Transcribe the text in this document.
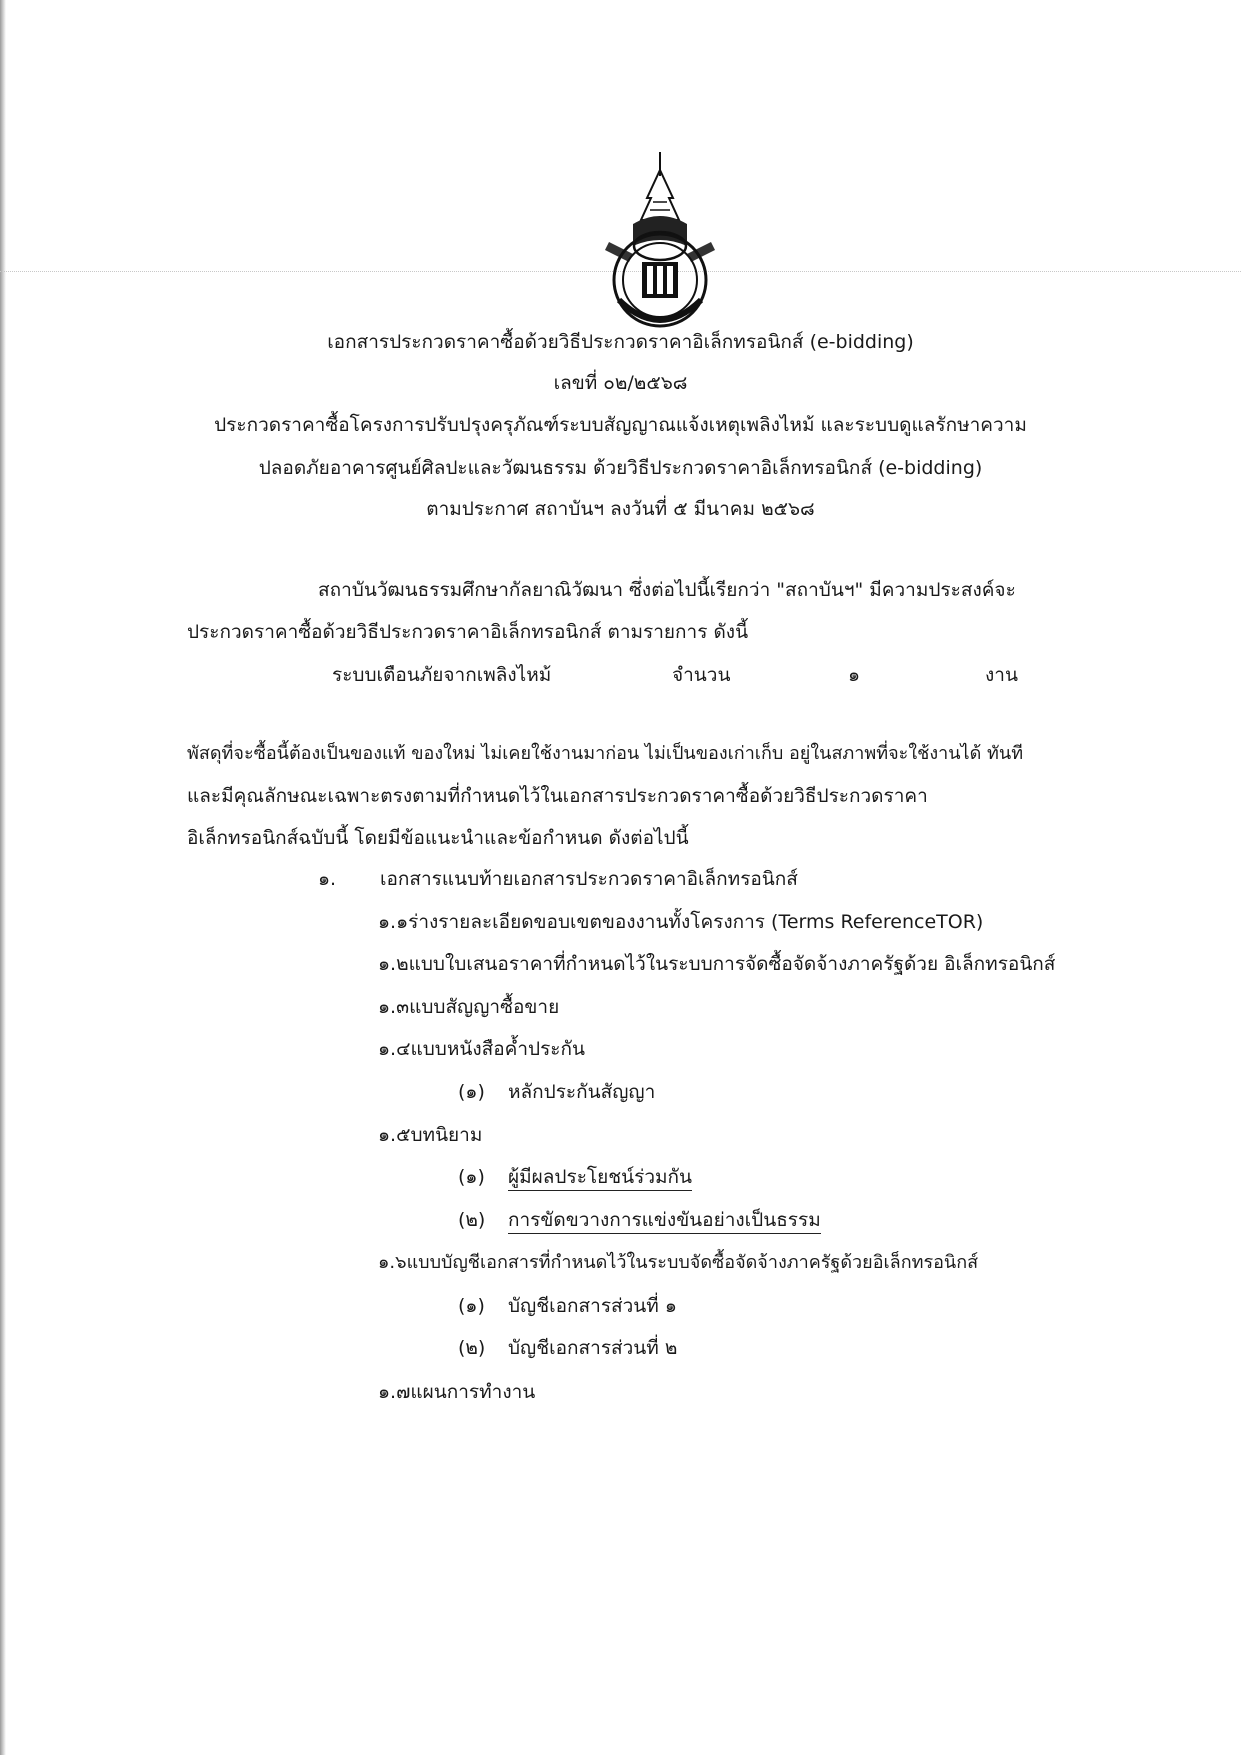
เอกสารประกวดราคาซื้อด้วยวิธีประกวดราคาอิเล็กทรอนิกส์ (e-bidding)
เลขที่ ๐๒/๒๕๖๘
ประกวดราคาซื้อโครงการปรับปรุงครุภัณฑ์ระบบสัญญาณแจ้งเหตุเพลิงไหม้ และระบบดูแลรักษาความ
ปลอดภัยอาคารศูนย์ศิลปะและวัฒนธรรม ด้วยวิธีประกวดราคาอิเล็กทรอนิกส์ (e-bidding)
ตามประกาศ สถาบันฯ ลงวันที่ ๕ มีนาคม ๒๕๖๘
สถาบันวัฒนธรรมศึกษากัลยาณิวัฒนา ซึ่งต่อไปนี้เรียกว่า "สถาบันฯ" มีความประสงค์จะ
ประกวดราคาซื้อด้วยวิธีประกวดราคาอิเล็กทรอนิกส์ ตามรายการ ดังนี้
ระบบเตือนภัยจากเพลิงไหม้	จำนวน	๑	งาน
พัสดุที่จะซื้อนี้ต้องเป็นของแท้ ของใหม่ ไม่เคยใช้งานมาก่อน ไม่เป็นของเก่าเก็บ อยู่ในสภาพที่จะใช้งานได้ ทันที
และมีคุณลักษณะเฉพาะตรงตามที่กำหนดไว้ในเอกสารประกวดราคาซื้อด้วยวิธีประกวดราคา
อิเล็กทรอนิกส์ฉบับนี้ โดยมีข้อแนะนำและข้อกำหนด ดังต่อไปนี้
๑. เอกสารแนบท้ายเอกสารประกวดราคาอิเล็กทรอนิกส์
๑.๑ร่างรายละเอียดขอบเขตของงานทั้งโครงการ (Terms ReferenceTOR)
๑.๒แบบใบเสนอราคาที่กำหนดไว้ในระบบการจัดซื้อจัดจ้างภาครัฐด้วย อิเล็กทรอนิกส์
๑.๓แบบสัญญาซื้อขาย
๑.๔แบบหนังสือค้ำประกัน
(๑) หลักประกันสัญญา
๑.๕บทนิยาม
(๑) ผู้มีผลประโยชน์ร่วมกัน
(๒) การขัดขวางการแข่งขันอย่างเป็นธรรม
๑.๖แบบบัญชีเอกสารที่กำหนดไว้ในระบบจัดซื้อจัดจ้างภาครัฐด้วยอิเล็กทรอนิกส์
(๑) บัญชีเอกสารส่วนที่ ๑
(๒) บัญชีเอกสารส่วนที่ ๒
๑.๗แผนการทำงาน
